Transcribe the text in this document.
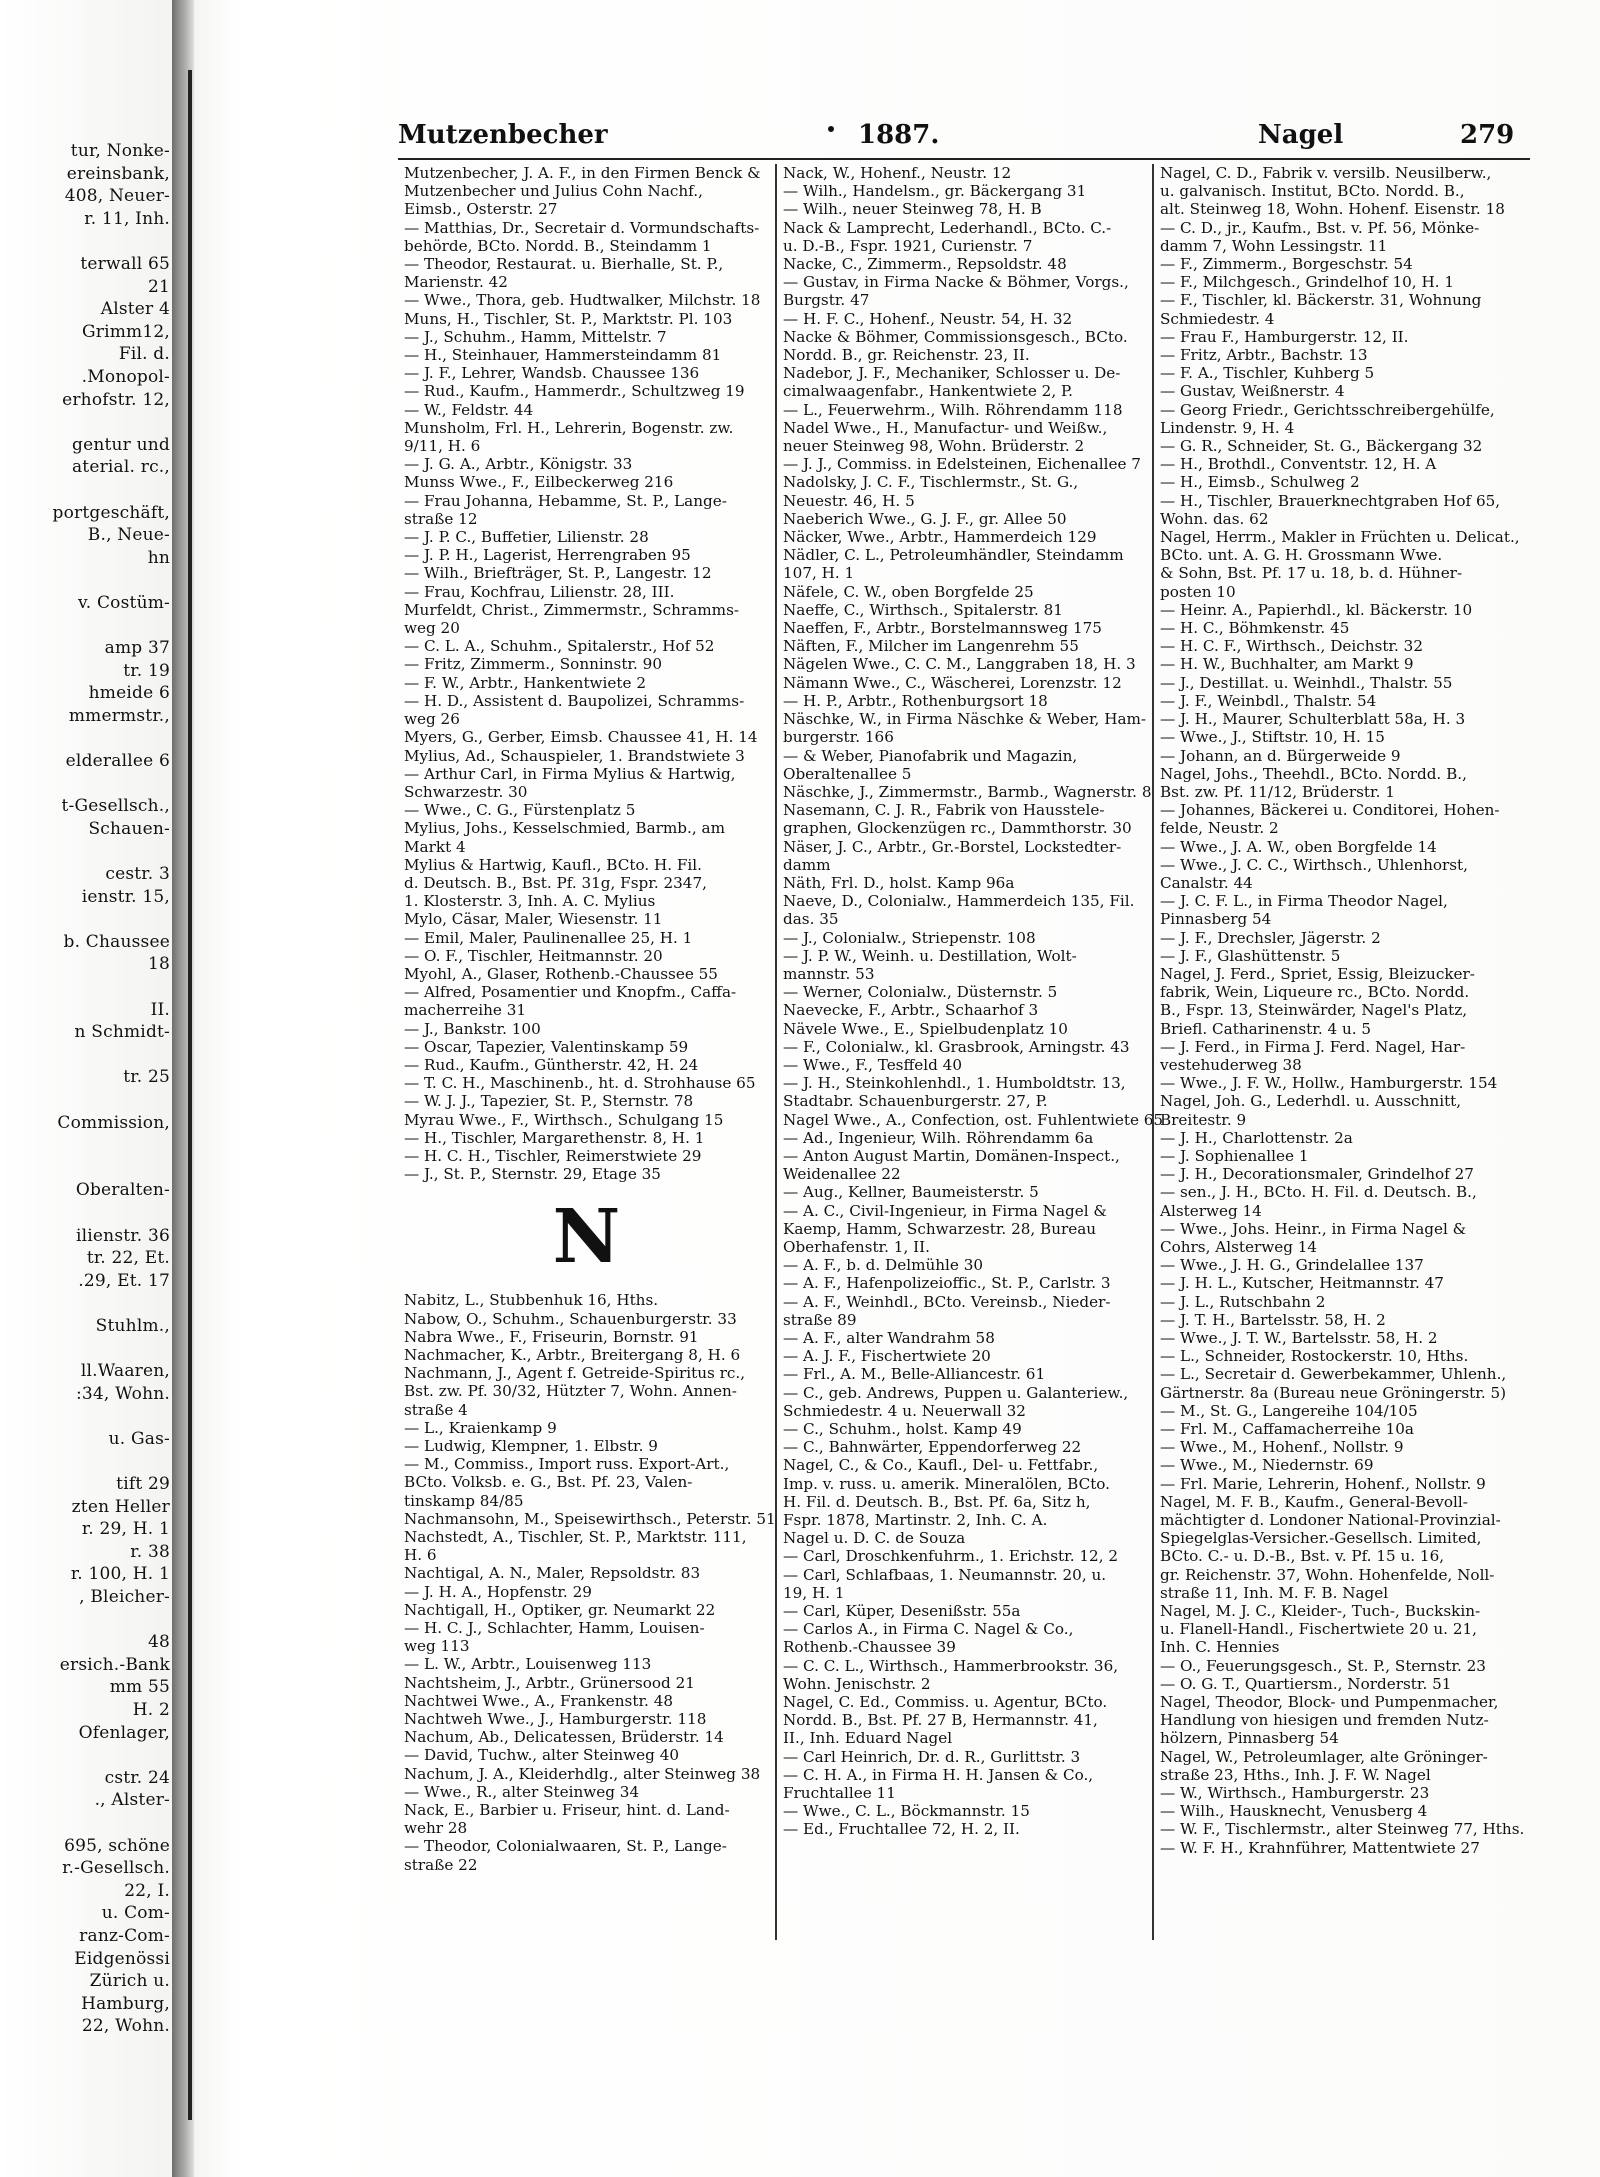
tur, Nonke-
ereinsbank,
408, Neuer-
r. 11, Inh.

terwall 65
21
Alster 4
Grimm12,
Fil. d.
.Monopol-
erhofstr. 12,

gentur und
aterial. rc.,

portgeschäft,
B., Neue-
hn

v. Costüm-

amp 37
tr. 19
hmeide 6
mmermstr.,

elderallee 6

t-Gesellsch.,
Schauen-

cestr. 3
ienstr. 15,

b. Chaussee
18

II.
n Schmidt-

tr. 25

Commission,

Oberalten-

ilienstr. 36
tr. 22, Et.
.29, Et. 17

Stuhlm.,

ll.Waaren,
:34, Wohn.

u. Gas-

tift 29
zten Heller
r. 29, H. 1
r. 38
r. 100, H. 1
, Bleicher-

48
ersich.-Bank
mm 55
H. 2
Ofenlager,

cstr. 24
., Alster-

695, schöne
r.-Gesellsch.
22, I.
u. Com-
ranz-Com-
Eidgenössi
Zürich u.
Hamburg,
22, Wohn.
Mutzenbecher	1887.	Nagel	279
Mutzenbecher, J. A. F., in den Firmen Benck &
Mutzenbecher und Julius Cohn Nachf.,
Eimsb., Osterstr. 27
— Matthias, Dr., Secretair d. Vormundschafts-
behörde, BCto. Nordd. B., Steindamm 1
— Theodor, Restaurat. u. Bierhalle, St. P.,
Marienstr. 42
— Wwe., Thora, geb. Hudtwalker, Milchstr. 18
Muns, H., Tischler, St. P., Marktstr. Pl. 103
— J., Schuhm., Hamm, Mittelstr. 7
— H., Steinhauer, Hammersteindamm 81
— J. F., Lehrer, Wandsb. Chaussee 136
— Rud., Kaufm., Hammerdr., Schultzweg 19
— W., Feldstr. 44
Munsholm, Frl. H., Lehrerin, Bogenstr. zw.
9/11, H. 6
— J. G. A., Arbtr., Königstr. 33
Munss Wwe., F., Eilbeckerweg 216
— Frau Johanna, Hebamme, St. P., Lange-
straße 12
— J. P. C., Buffetier, Lilienstr. 28
— J. P. H., Lagerist, Herrengraben 95
— Wilh., Briefträger, St. P., Langestr. 12
— Frau, Kochfrau, Lilienstr. 28, III.
Murfeldt, Christ., Zimmermstr., Schramms-
weg 20
— C. L. A., Schuhm., Spitalerstr., Hof 52
— Fritz, Zimmerm., Sonninstr. 90
— F. W., Arbtr., Hankentwiete 2
— H. D., Assistent d. Baupolizei, Schramms-
weg 26
Myers, G., Gerber, Eimsb. Chaussee 41, H. 14
Mylius, Ad., Schauspieler, 1. Brandstwiete 3
— Arthur Carl, in Firma Mylius & Hartwig,
Schwarzestr. 30
— Wwe., C. G., Fürstenplatz 5
Mylius, Johs., Kesselschmied, Barmb., am
Markt 4
Mylius & Hartwig, Kaufl., BCto. H. Fil.
d. Deutsch. B., Bst. Pf. 31g, Fspr. 2347,
1. Klosterstr. 3, Inh. A. C. Mylius
Mylo, Cäsar, Maler, Wiesenstr. 11
— Emil, Maler, Paulinenallee 25, H. 1
— O. F., Tischler, Heitmannstr. 20
Myohl, A., Glaser, Rothenb.-Chaussee 55
— Alfred, Posamentier und Knopfm., Caffa-
macherreihe 31
— J., Bankstr. 100
— Oscar, Tapezier, Valentinskamp 59
— Rud., Kaufm., Güntherstr. 42, H. 24
— T. C. H., Maschinenb., ht. d. Strohhause 65
— W. J. J., Tapezier, St. P., Sternstr. 78
Myrau Wwe., F., Wirthsch., Schulgang 15
— H., Tischler, Margarethenstr. 8, H. 1
— H. C. H., Tischler, Reimerstwiete 29
— J., St. P., Sternstr. 29, Etage 35
N
Nabitz, L., Stubbenhuk 16, Hths.
Nabow, O., Schuhm., Schauenburgerstr. 33
Nabra Wwe., F., Friseurin, Bornstr. 91
Nachmacher, K., Arbtr., Breitergang 8, H. 6
Nachmann, J., Agent f. Getreide-Spiritus rc.,
Bst. zw. Pf. 30/32, Hützter 7, Wohn. Annen-
straße 4
— L., Kraienkamp 9
— Ludwig, Klempner, 1. Elbstr. 9
— M., Commiss., Import russ. Export-Art.,
BCto. Volksb. e. G., Bst. Pf. 23, Valen-
tinskamp 84/85
Nachmansohn, M., Speisewirthsch., Peterstr. 51
Nachstedt, A., Tischler, St. P., Marktstr. 111,
H. 6
Nachtigal, A. N., Maler, Repsoldstr. 83
— J. H. A., Hopfenstr. 29
Nachtigall, H., Optiker, gr. Neumarkt 22
— H. C. J., Schlachter, Hamm, Louisen-
weg 113
— L. W., Arbtr., Louisenweg 113
Nachtsheim, J., Arbtr., Grünersood 21
Nachtwei Wwe., A., Frankenstr. 48
Nachtweh Wwe., J., Hamburgerstr. 118
Nachum, Ab., Delicatessen, Brüderstr. 14
— David, Tuchw., alter Steinweg 40
Nachum, J. A., Kleiderhdlg., alter Steinweg 38
— Wwe., R., alter Steinweg 34
Nack, E., Barbier u. Friseur, hint. d. Land-
wehr 28
— Theodor, Colonialwaaren, St. P., Lange-
straße 22
Nack, W., Hohenf., Neustr. 12
— Wilh., Handelsm., gr. Bäckergang 31
— Wilh., neuer Steinweg 78, H. B
Nack & Lamprecht, Lederhandl., BCto. C.-
u. D.-B., Fspr. 1921, Curienstr. 7
Nacke, C., Zimmerm., Repsoldstr. 48
— Gustav, in Firma Nacke & Böhmer, Vorgs.,
Burgstr. 47
— H. F. C., Hohenf., Neustr. 54, H. 32
Nacke & Böhmer, Commissionsgesch., BCto.
Nordd. B., gr. Reichenstr. 23, II.
Nadebor, J. F., Mechaniker, Schlosser u. De-
cimalwaagenfabr., Hankentwiete 2, P.
— L., Feuerwehrm., Wilh. Röhrendamm 118
Nadel Wwe., H., Manufactur- und Weißw.,
neuer Steinweg 98, Wohn. Brüderstr. 2
— J. J., Commiss. in Edelsteinen, Eichenallee 7
Nadolsky, J. C. F., Tischlermstr., St. G.,
Neuestr. 46, H. 5
Naeberich Wwe., G. J. F., gr. Allee 50
Näcker, Wwe., Arbtr., Hammerdeich 129
Nädler, C. L., Petroleumhändler, Steindamm
107, H. 1
Näfele, C. W., oben Borgfelde 25
Naeffe, C., Wirthsch., Spitalerstr. 81
Naeffen, F., Arbtr., Borstelmannsweg 175
Näften, F., Milcher im Langenrehm 55
Nägelen Wwe., C. C. M., Langgraben 18, H. 3
Nämann Wwe., C., Wäscherei, Lorenzstr. 12
— H. P., Arbtr., Rothenburgsort 18
Näschke, W., in Firma Näschke & Weber, Ham-
burgerstr. 166
— & Weber, Pianofabrik und Magazin,
Oberaltenallee 5
Näschke, J., Zimmermstr., Barmb., Wagnerstr. 8
Nasemann, C. J. R., Fabrik von Hausstele-
graphen, Glockenzügen rc., Dammthorstr. 30
Näser, J. C., Arbtr., Gr.-Borstel, Lockstedter-
damm
Näth, Frl. D., holst. Kamp 96a
Naeve, D., Colonialw., Hammerdeich 135, Fil.
das. 35
— J., Colonialw., Striepenstr. 108
— J. P. W., Weinh. u. Destillation, Wolt-
mannstr. 53
— Werner, Colonialw., Düsternstr. 5
Naevecke, F., Arbtr., Schaarhof 3
Nävele Wwe., E., Spielbudenplatz 10
— F., Colonialw., kl. Grasbrook, Arningstr. 43
— Wwe., F., Tesffeld 40
— J. H., Steinkohlenhdl., 1. Humboldtstr. 13,
Stadtabr. Schauenburgerstr. 27, P.
Nagel Wwe., A., Confection, ost. Fuhlentwiete 65
— Ad., Ingenieur, Wilh. Röhrendamm 6a
— Anton August Martin, Domänen-Inspect.,
Weidenallee 22
— Aug., Kellner, Baumeisterstr. 5
— A. C., Civil-Ingenieur, in Firma Nagel &
Kaemp, Hamm, Schwarzestr. 28, Bureau
Oberhafenstr. 1, II.
— A. F., b. d. Delmühle 30
— A. F., Hafenpolizeioffic., St. P., Carlstr. 3
— A. F., Weinhdl., BCto. Vereinsb., Nieder-
straße 89
— A. F., alter Wandrahm 58
— A. J. F., Fischertwiete 20
— Frl., A. M., Belle-Alliancestr. 61
— C., geb. Andrews, Puppen u. Galanteriew.,
Schmiedestr. 4 u. Neuerwall 32
— C., Schuhm., holst. Kamp 49
— C., Bahnwärter, Eppendorferweg 22
Nagel, C., & Co., Kaufl., Del- u. Fettfabr.,
Imp. v. russ. u. amerik. Mineralölen, BCto.
H. Fil. d. Deutsch. B., Bst. Pf. 6a, Sitz h,
Fspr. 1878, Martinstr. 2, Inh. C. A.
Nagel u. D. C. de Souza
— Carl, Droschkenfuhrm., 1. Erichstr. 12, 2
— Carl, Schlafbaas, 1. Neumannstr. 20, u.
19, H. 1
— Carl, Küper, Desenißstr. 55a
— Carlos A., in Firma C. Nagel & Co.,
Rothenb.-Chaussee 39
— C. C. L., Wirthsch., Hammerbrookstr. 36,
Wohn. Jenischstr. 2
Nagel, C. Ed., Commiss. u. Agentur, BCto.
Nordd. B., Bst. Pf. 27 B, Hermannstr. 41,
II., Inh. Eduard Nagel
— Carl Heinrich, Dr. d. R., Gurlittstr. 3
— C. H. A., in Firma H. H. Jansen & Co.,
Fruchtallee 11
— Wwe., C. L., Böckmannstr. 15
— Ed., Fruchtallee 72, H. 2, II.
Nagel, C. D., Fabrik v. versilb. Neusilberw.,
u. galvanisch. Institut, BCto. Nordd. B.,
alt. Steinweg 18, Wohn. Hohenf. Eisenstr. 18
— C. D., jr., Kaufm., Bst. v. Pf. 56, Mönke-
damm 7, Wohn Lessingstr. 11
— F., Zimmerm., Borgeschstr. 54
— F., Milchgesch., Grindelhof 10, H. 1
— F., Tischler, kl. Bäckerstr. 31, Wohnung
Schmiedestr. 4
— Frau F., Hamburgerstr. 12, II.
— Fritz, Arbtr., Bachstr. 13
— F. A., Tischler, Kuhberg 5
— Gustav, Weißnerstr. 4
— Georg Friedr., Gerichtsschreibergehülfe,
Lindenstr. 9, H. 4
— G. R., Schneider, St. G., Bäckergang 32
— H., Brothdl., Conventstr. 12, H. A
— H., Eimsb., Schulweg 2
— H., Tischler, Brauerknechtgraben Hof 65,
Wohn. das. 62
Nagel, Herrm., Makler in Früchten u. Delicat.,
BCto. unt. A. G. H. Grossmann Wwe.
& Sohn, Bst. Pf. 17 u. 18, b. d. Hühner-
posten 10
— Heinr. A., Papierhdl., kl. Bäckerstr. 10
— H. C., Böhmkenstr. 45
— H. C. F., Wirthsch., Deichstr. 32
— H. W., Buchhalter, am Markt 9
— J., Destillat. u. Weinhdl., Thalstr. 55
— J. F., Weinbdl., Thalstr. 54
— J. H., Maurer, Schulterblatt 58a, H. 3
— Wwe., J., Stiftstr. 10, H. 15
— Johann, an d. Bürgerweide 9
Nagel, Johs., Theehdl., BCto. Nordd. B.,
Bst. zw. Pf. 11/12, Brüderstr. 1
— Johannes, Bäckerei u. Conditorei, Hohen-
felde, Neustr. 2
— Wwe., J. A. W., oben Borgfelde 14
— Wwe., J. C. C., Wirthsch., Uhlenhorst,
Canalstr. 44
— J. C. F. L., in Firma Theodor Nagel,
Pinnasberg 54
— J. F., Drechsler, Jägerstr. 2
— J. F., Glashüttenstr. 5
Nagel, J. Ferd., Spriet, Essig, Bleizucker-
fabrik, Wein, Liqueure rc., BCto. Nordd.
B., Fspr. 13, Steinwärder, Nagel's Platz,
Briefl. Catharinenstr. 4 u. 5
— J. Ferd., in Firma J. Ferd. Nagel, Har-
vestehuderweg 38
— Wwe., J. F. W., Hollw., Hamburgerstr. 154
Nagel, Joh. G., Lederhdl. u. Ausschnitt,
Breitestr. 9
— J. H., Charlottenstr. 2a
— J. Sophienallee 1
— J. H., Decorationsmaler, Grindelhof 27
— sen., J. H., BCto. H. Fil. d. Deutsch. B.,
Alsterweg 14
— Wwe., Johs. Heinr., in Firma Nagel &
Cohrs, Alsterweg 14
— Wwe., J. H. G., Grindelallee 137
— J. H. L., Kutscher, Heitmannstr. 47
— J. L., Rutschbahn 2
— J. T. H., Bartelsstr. 58, H. 2
— Wwe., J. T. W., Bartelsstr. 58, H. 2
— L., Schneider, Rostockerstr. 10, Hths.
— L., Secretair d. Gewerbekammer, Uhlenh.,
Gärtnerstr. 8a (Bureau neue Gröningerstr. 5)
— M., St. G., Langereihe 104/105
— Frl. M., Caffamacherreihe 10a
— Wwe., M., Hohenf., Nollstr. 9
— Wwe., M., Niedernstr. 69
— Frl. Marie, Lehrerin, Hohenf., Nollstr. 9
Nagel, M. F. B., Kaufm., General-Bevoll-
mächtigter d. Londoner National-Provinzial-
Spiegelglas-Versicher.-Gesellsch. Limited,
BCto. C.- u. D.-B., Bst. v. Pf. 15 u. 16,
gr. Reichenstr. 37, Wohn. Hohenfelde, Noll-
straße 11, Inh. M. F. B. Nagel
Nagel, M. J. C., Kleider-, Tuch-, Buckskin-
u. Flanell-Handl., Fischertwiete 20 u. 21,
Inh. C. Hennies
— O., Feuerungsgesch., St. P., Sternstr. 23
— O. G. T., Quartiersm., Norderstr. 51
Nagel, Theodor, Block- und Pumpenmacher,
Handlung von hiesigen und fremden Nutz-
hölzern, Pinnasberg 54
Nagel, W., Petroleumlager, alte Gröninger-
straße 23, Hths., Inh. J. F. W. Nagel
— W., Wirthsch., Hamburgerstr. 23
— Wilh., Hausknecht, Venusberg 4
— W. F., Tischlermstr., alter Steinweg 77, Hths.
— W. F. H., Krahnführer, Mattentwiete 27
